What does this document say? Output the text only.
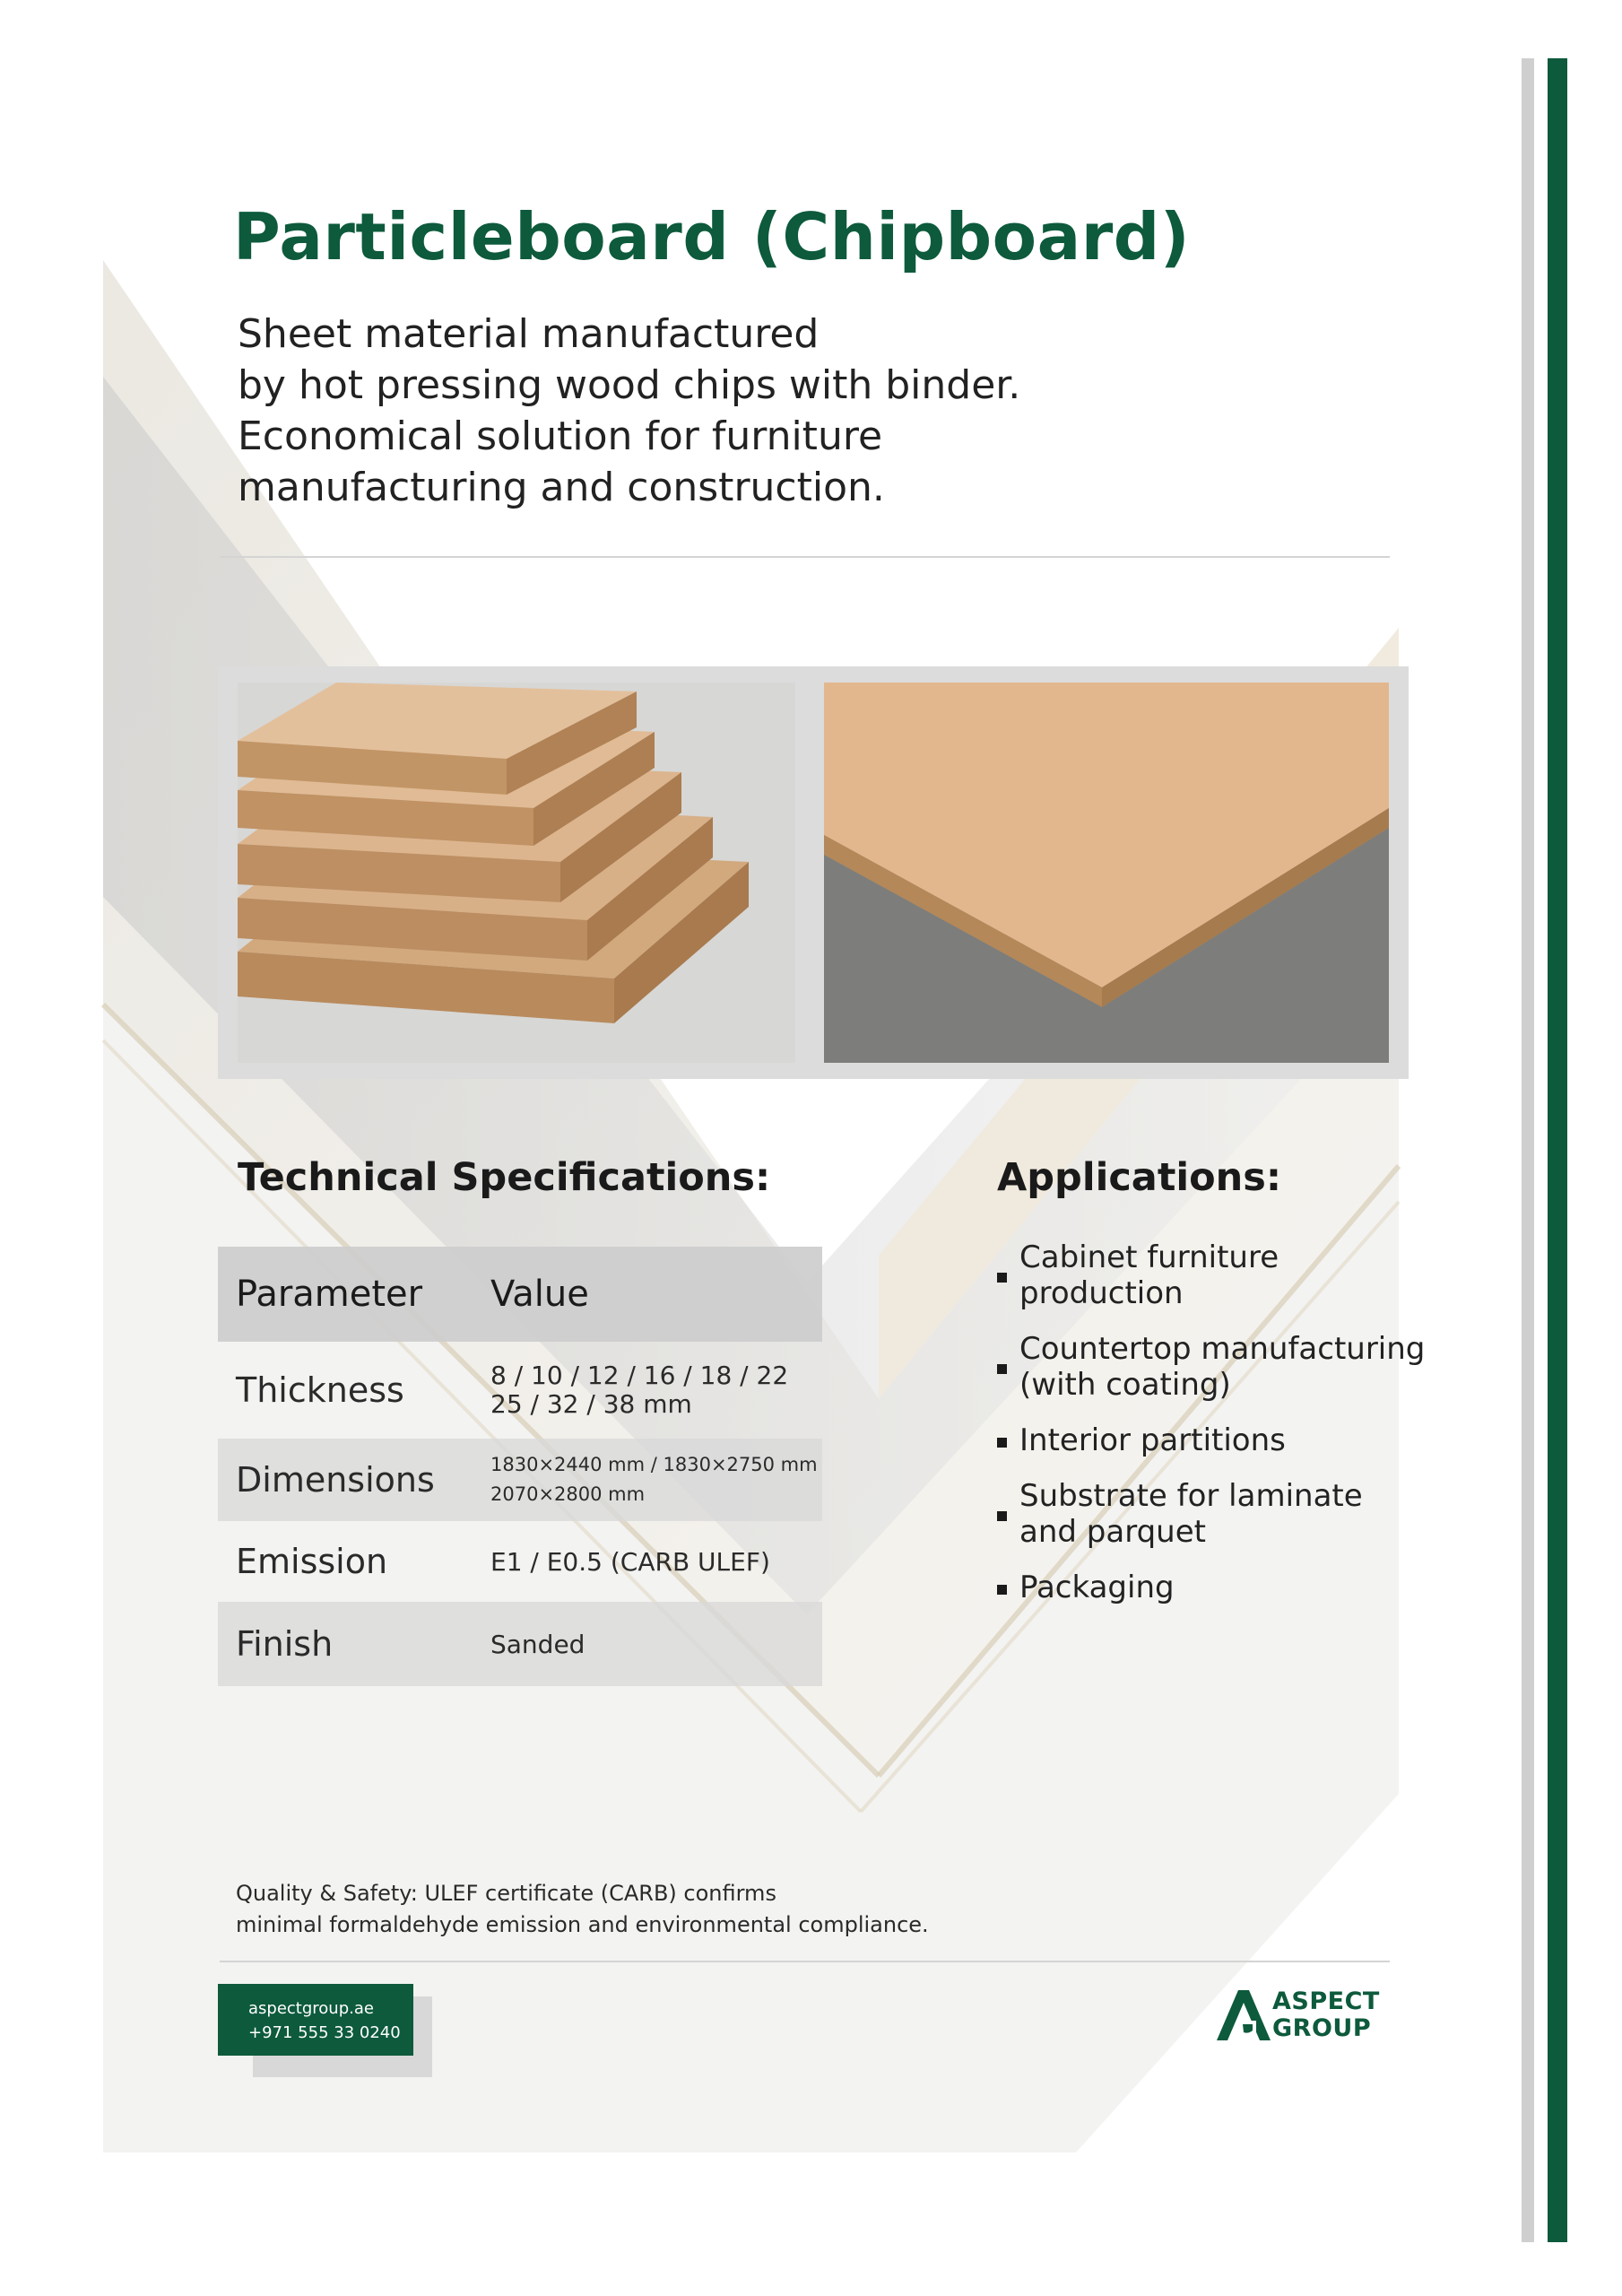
Particleboard (Chipboard)
Sheet material manufactured
by hot pressing wood chips with binder.
Economical solution for furniture
manufacturing and construction.
Technical Specifications:	Applications:
Parameter	Value
Thickness	8 / 10 / 12 / 16 / 18 / 22
25 / 32 / 38 mm
Dimensions	1830×2440 mm / 1830×2750 mm
2070×2800 mm
Emission	E1 / E0.5 (CARB ULEF)
Finish	Sanded
Cabinet furniture
production
Countertop manufacturing
(with coating)
Interior partitions
Substrate for laminate
and parquet
Packaging
Quality & Safety: ULEF certificate (CARB) confirms
minimal formaldehyde emission and environmental compliance.
aspectgroup.ae
+971 555 33 0240
ASPECT
GROUP
